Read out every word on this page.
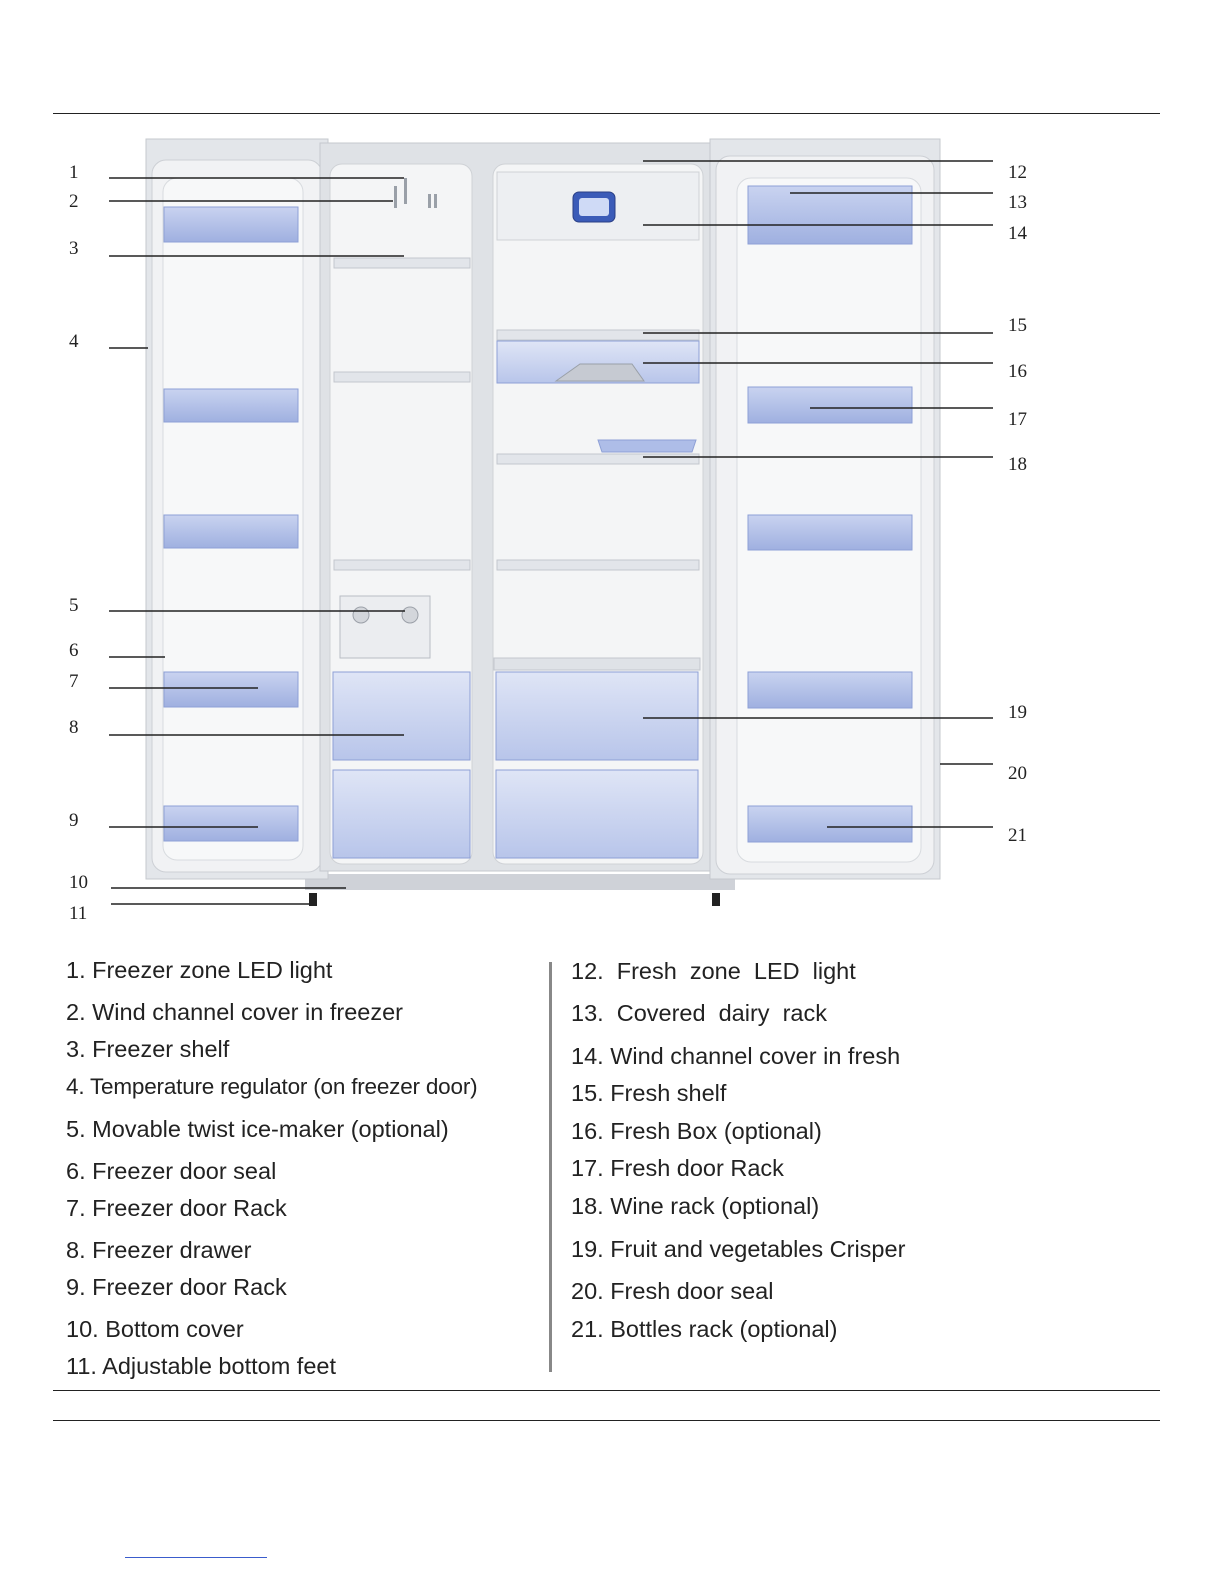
1
2
3
4
5
6
7
8
9
10
11
12
13
14
15
16
17
18
19
20
21
1. Freezer zone LED light
2. Wind channel cover in freezer
3. Freezer shelf
4. Temperature regulator (on freezer door)
5. Movable twist ice-maker (optional)
6. Freezer door seal
7. Freezer door Rack
8. Freezer drawer
9. Freezer door Rack
10. Bottom cover
11. Adjustable bottom feet
12.  Fresh  zone  LED  light
13.  Covered  dairy  rack
14. Wind channel cover in fresh
15. Fresh shelf
16. Fresh Box (optional)
17. Fresh door Rack
18. Wine rack (optional)
19. Fruit and vegetables Crisper
20. Fresh door seal
21. Bottles rack (optional)
